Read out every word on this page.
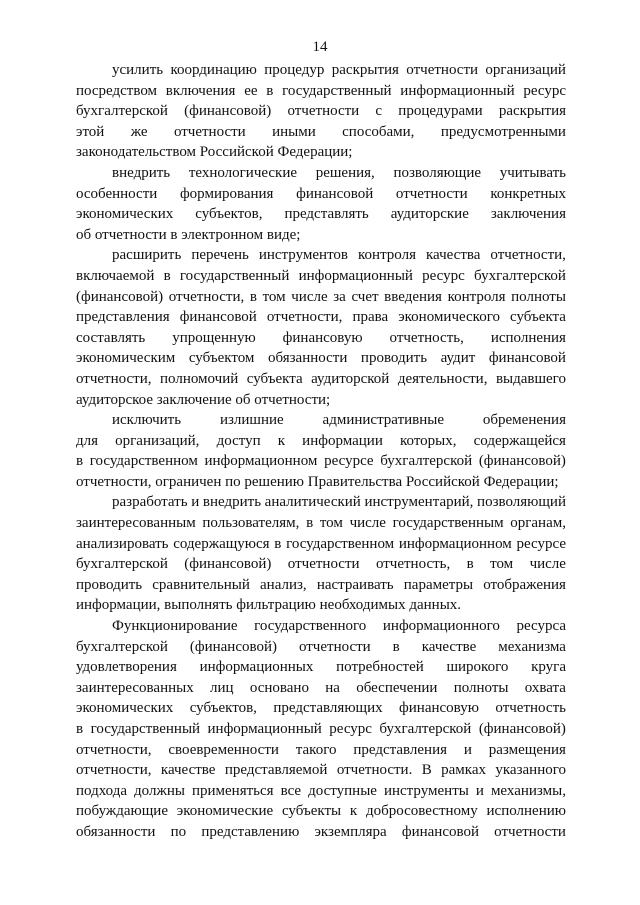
14

усилить координацию процедур раскрытия отчетности организаций
посредством включения ее в государственный информационный ресурс
бухгалтерской (финансовой) отчетности с процедурами раскрытия
этой же отчетности иными способами, предусмотренными
законодательством Российской Федерации;

внедрить технологические решения, позволяющие учитывать
особенности формирования финансовой отчетности конкретных
экономических субъектов, представлять аудиторские заключения
об отчетности в электронном виде;

расширить перечень инструментов контроля качества отчетности,
включаемой в государственный информационный ресурс бухгалтерской
(финансовой) отчетности, в том числе за счет введения контроля полноты
представления финансовой отчетности, права экономического субъекта
составлять упрощенную финансовую отчетность, исполнения
экономическим субъектом обязанности проводить аудит финансовой
отчетности, полномочий субъекта аудиторской деятельности, выдавшего
аудиторское заключение об отчетности;

исключить	излишние	административные	обременения
для организаций, доступ к информации которых, содержащейся
в государственном информационном ресурсе бухгалтерской (финансовой)
отчетности, ограничен по решению Правительства Российской Федерации;

разработать и внедрить аналитический инструментарий, позволяющий
заинтересованным пользователям, в том числе государственным органам,
анализировать содержащуюся в государственном информационном ресурсе
бухгалтерской (финансовой) отчетности отчетность, в том числе
проводить сравнительный анализ, настраивать параметры отображения
информации, выполнять фильтрацию необходимых данных.

Функционирование государственного информационного ресурса
бухгалтерской (финансовой) отчетности в качестве механизма
удовлетворения информационных потребностей широкого круга
заинтересованных лиц основано на обеспечении полноты охвата
экономических субъектов, представляющих финансовую отчетность
в государственный информационный ресурс бухгалтерской (финансовой)
отчетности, своевременности такого представления и размещения
отчетности, качестве представляемой отчетности. В рамках указанного
подхода должны применяться все доступные инструменты и механизмы,
побуждающие экономические субъекты к добросовестному исполнению
обязанности по представлению экземпляра финансовой отчетности
